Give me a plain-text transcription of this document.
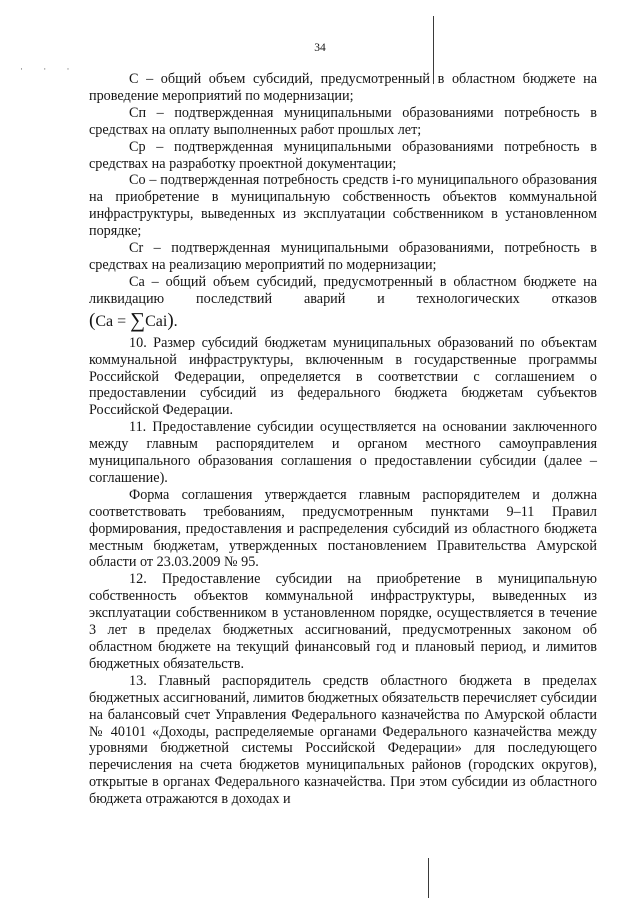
· · ·
34

С – общий объем субсидий, предусмотренный в областном бюджете на проведение мероприятий по модернизации;

Сп – подтвержденная муниципальными образованиями потребность в средствах на оплату выполненных работ прошлых лет;

Ср – подтвержденная муниципальными образованиями потребность в средствах на разработку проектной документации;

Со – подтвержденная потребность средств i-го муниципального образования на приобретение в муниципальную собственность объектов коммунальной инфраструктуры, выведенных из эксплуатации собственником в установленном порядке;

Сr – подтвержденная муниципальными образованиями, потребность в средствах на реализацию мероприятий по модернизации;

Са – общий объем субсидий, предусмотренный в областном бюджете на ликвидацию последствий аварий и технологических отказов

(Са = ∑Саi).

10. Размер субсидий бюджетам муниципальных образований по объектам коммунальной инфраструктуры, включенным в государственные программы Российской Федерации, определяется в соответствии с соглашением о предоставлении субсидий из федерального бюджета бюджетам субъектов Российской Федерации.

11. Предоставление субсидии осуществляется на основании заключенного между главным распорядителем и органом местного самоуправления муниципального образования соглашения о предоставлении субсидии (далее – соглашение).

Форма соглашения утверждается главным распорядителем и должна соответствовать требованиям, предусмотренным пунктами 9–11 Правил формирования, предоставления и распределения субсидий из областного бюджета местным бюджетам, утвержденных постановлением Правительства Амурской области от 23.03.2009 № 95.

12. Предоставление субсидии на приобретение в муниципальную собственность объектов коммунальной инфраструктуры, выведенных из эксплуатации собственником в установленном порядке, осуществляется в течение 3 лет в пределах бюджетных ассигнований, предусмотренных законом об областном бюджете на текущий финансовый год и плановый период, и лимитов бюджетных обязательств.

13. Главный распорядитель средств областного бюджета в пределах бюджетных ассигнований, лимитов бюджетных обязательств перечисляет субсидии на балансовый счет Управления Федерального казначейства по Амурской области № 40101 «Доходы, распределяемые органами Федерального казначейства между уровнями бюджетной системы Российской Федерации» для последующего перечисления на счета бюджетов муниципальных районов (городских округов), открытые в органах Федерального казначейства. При этом субсидии из областного бюджета отражаются в доходах и
